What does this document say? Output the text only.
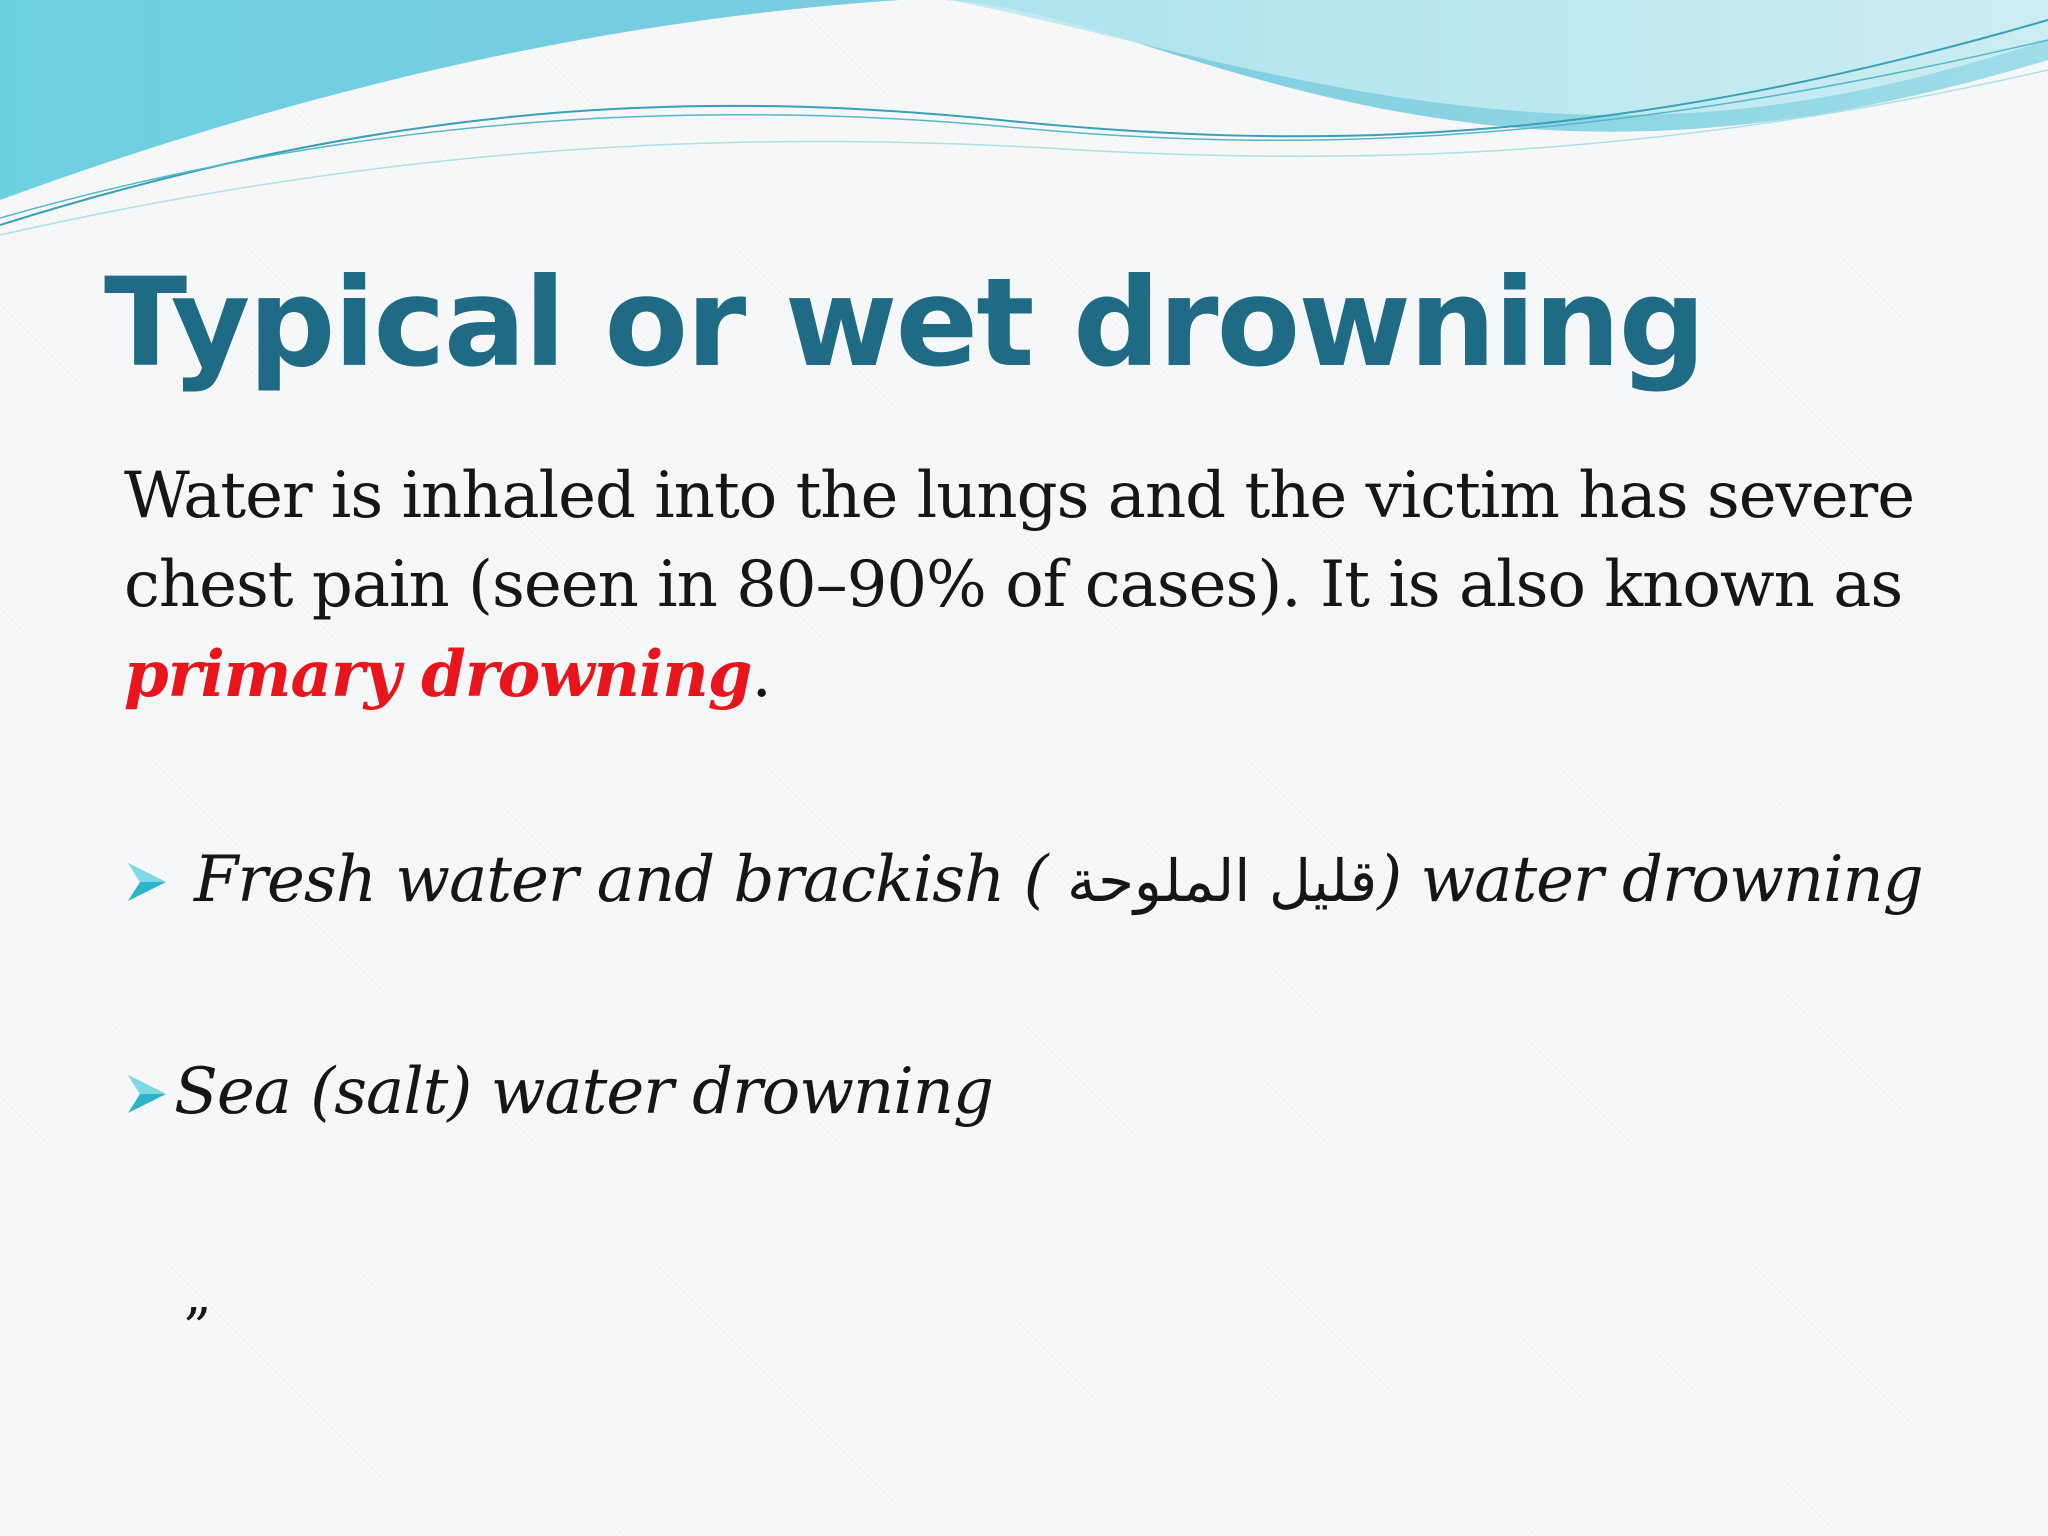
Typical or wet drowning

Water is inhaled into the lungs and the victim has severe chest pain (seen in 80–90% of cases). It is also known as primary drowning.

Fresh water and brackish ( قليل الملوحة) water drowning

Sea (salt) water drowning

„
